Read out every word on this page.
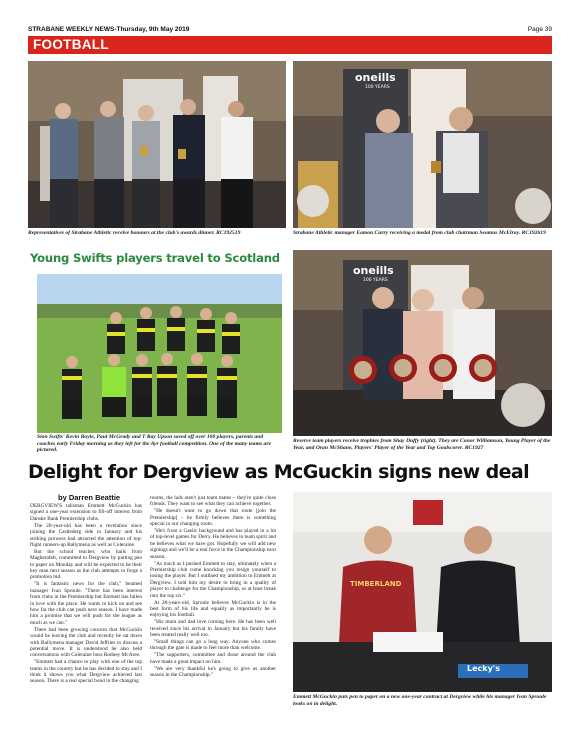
STRABANE WEEKLY NEWS-Thursday, 9th May 2019	Page 39
FOOTBALL
Representatives of Strabane Athletic receive honours at the club's awards dinner. RC192519
oneills
100 YEARS
Strabane Athletic manager Eamon Curry receiving a medal from club chairman Seamus McElroy. RC192619
Young Swifts players travel to Scotland
Sion Swifts' Kevin Boyle, Paul McGrady and T Ray Upson saved off over 100 players, parents and coaches early Friday morning as they left for the Ayr football competition. One of the many teams are pictured.
oneills
100 YEARS
Reserve team players receive trophies from Shay Duffy (right). They are Conor Williamson, Young Player of the Year, and Oran McShane, Players' Player of the Year and Top Goalscorer. RC1927
Delight for Dergview as McGuckin signs new deal
by Darren Beattie

DERGVIEW'S talisman Emmett McGuckin has signed a one-year extension to fill-off interest from Danske Bank Premiership clubs.

The 28-year-old has been a revelation since joining the Castlederg side in January and his striking prowess had attracted the attention of top-flight runners-up Ballymena as well as Coleraine.

But the school teacher, who hails from Magherafelt, committed to Dergview by putting pen to paper on Monday and will be expected to be their key man next season as the club attempts to forge a promotion bid.

"It is fantastic news for the club," beamed manager Ivan Sproule. "There has been interest from clubs in the Premiership but Emmett has fallen in love with the place. He wants to kick on and see how far the club can push next season. I have made him a promise that we will push for the league as much as we can."

There had been growing concern that McGuckin would be leaving the club and recently he sat down with Ballymena manager David Jeffries to discuss a potential move. It is understood he also held conversations with Coleraine boss Rodney McAree.

"Emmett had a chance to play with one of the top teams in the country but he has decided to stay and I think it shows you what Dergview achieved last season. There is a real special bond in the changing

rooms, the lads aren't just team mates – they're quite close friends. They want to see what they can achieve together.

"He doesn't want to go down that route [join the Premiership] – he firmly believes there is something special in our changing room.

"He's from a Gaelic background and has played in a lot of top-level games for Derry. He believes in team spirit and he believes what we have got. Hopefully we will add new signings and we'll be a real force in the Championship next season.

"As much as I pushed Emmett to stay, ultimately when a Premiership club come knocking you resign yourself to losing the player. But I outlined my ambition to Emmett at Dergview. I told him my desire to bring in a quality of player to challenge for the Championship, or at least break into the top six."

At 28-years-old, Sproule believes McGuckin is in the best form of his life and equally as importantly he is enjoying his football.

"His mum and dad love coming here. He has been well received since his arrival in January but his family have been treated really well too.

"Small things can go a long way. Anyone who comes through the gate is made to feel more than welcome.

"The supporters, committee and those around the club have made a great impact on him.

"We are very thankful he's going to give us another season in the Championship."

TIMBERLAND
Lecky's
Emmett McGuckin puts pen to paper on a new one-year contract at Dergview while his manager Ivan Sproule looks on in delight.
